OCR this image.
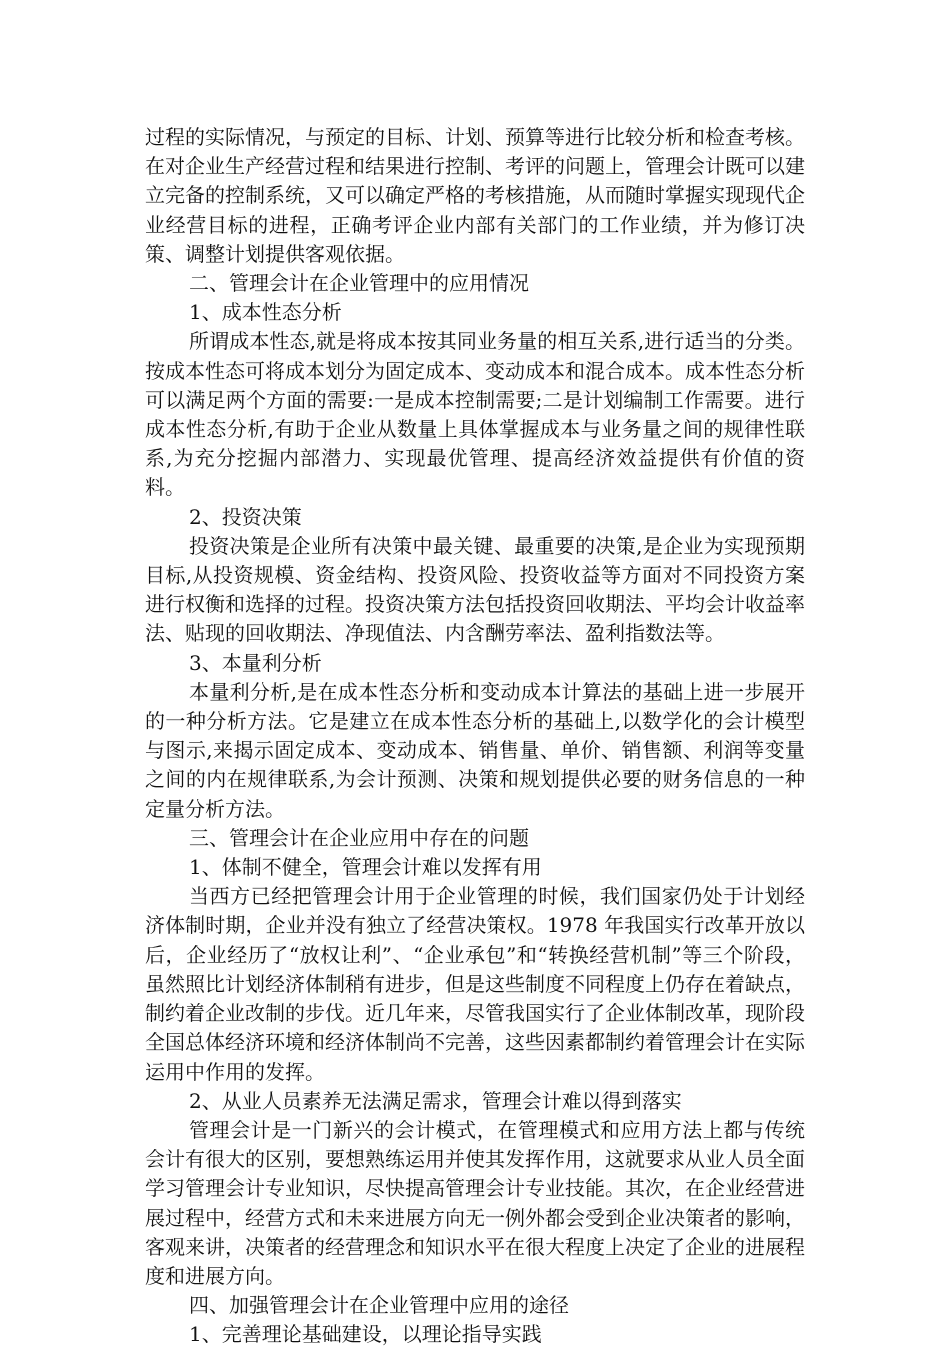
过程的实际情况，与预定的目标、计划、预算等进行比较分析和检查考核。在对企业生产经营过程和结果进行控制、考评的问题上，管理会计既可以建立完备的控制系统，又可以确定严格的考核措施，从而随时掌握实现现代企业经营目标的进程，正确考评企业内部有关部门的工作业绩，并为修订决策、调整计划提供客观依据。

二、管理会计在企业管理中的应用情况

1、成本性态分析

所谓成本性态,就是将成本按其同业务量的相互关系,进行适当的分类。按成本性态可将成本划分为固定成本、变动成本和混合成本。成本性态分析可以满足两个方面的需要:一是成本控制需要;二是计划编制工作需要。进行成本性态分析,有助于企业从数量上具体掌握成本与业务量之间的规律性联系,为充分挖掘内部潜力、实现最优管理、提高经济效益提供有价值的资料。

2、投资决策

投资决策是企业所有决策中最关键、最重要的决策,是企业为实现预期目标,从投资规模、资金结构、投资风险、投资收益等方面对不同投资方案进行权衡和选择的过程。投资决策方法包括投资回收期法、平均会计收益率法、贴现的回收期法、净现值法、内含酬劳率法、盈利指数法等。

3、本量利分析

本量利分析,是在成本性态分析和变动成本计算法的基础上进一步展开的一种分析方法。它是建立在成本性态分析的基础上,以数学化的会计模型与图示,来揭示固定成本、变动成本、销售量、单价、销售额、利润等变量之间的内在规律联系,为会计预测、决策和规划提供必要的财务信息的一种定量分析方法。

三、管理会计在企业应用中存在的问题

1、体制不健全，管理会计难以发挥有用

当西方已经把管理会计用于企业管理的时候，我们国家仍处于计划经济体制时期，企业并没有独立了经营决策权。1978 年我国实行改革开放以后，企业经历了“放权让利”、“企业承包”和“转换经营机制”等三个阶段，虽然照比计划经济体制稍有进步，但是这些制度不同程度上仍存在着缺点，制约着企业改制的步伐。近几年来，尽管我国实行了企业体制改革，现阶段全国总体经济环境和经济体制尚不完善，这些因素都制约着管理会计在实际运用中作用的发挥。

2、从业人员素养无法满足需求，管理会计难以得到落实

管理会计是一门新兴的会计模式，在管理模式和应用方法上都与传统会计有很大的区别，要想熟练运用并使其发挥作用，这就要求从业人员全面学习管理会计专业知识，尽快提高管理会计专业技能。其次，在企业经营进展过程中，经营方式和未来进展方向无一例外都会受到企业决策者的影响，客观来讲，决策者的经营理念和知识水平在很大程度上决定了企业的进展程度和进展方向。

四、加强管理会计在企业管理中应用的途径

1、完善理论基础建设，以理论指导实践
